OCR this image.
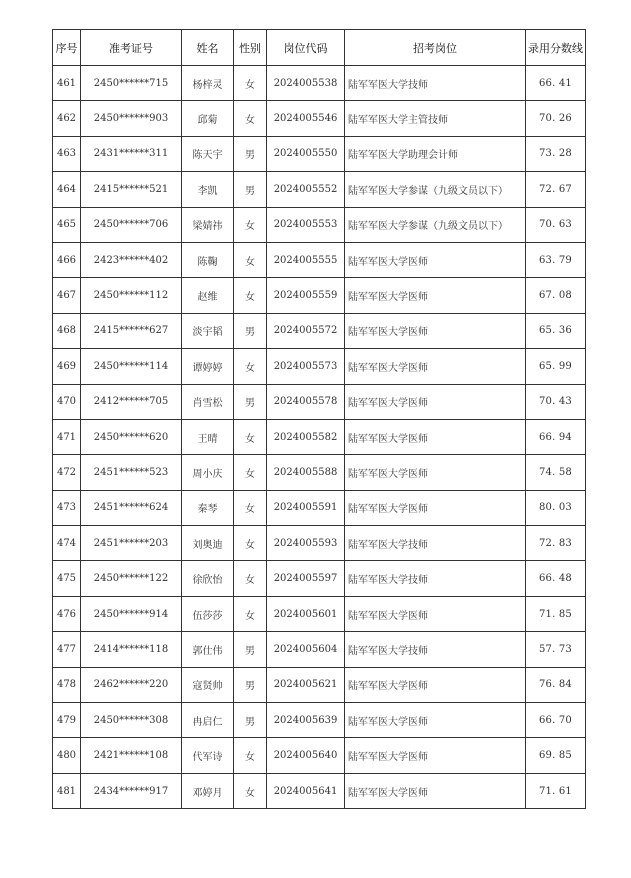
序号	准考证号	姓名	性别	岗位代码	招考岗位	录用分数线
461	2450******715	杨梓灵	女	2024005538	陆军军医大学技师	66. 41
462	2450******903	邱菊	女	2024005546	陆军军医大学主管技师	70. 26
463	2431******311	陈天宇	男	2024005550	陆军军医大学助理会计师	73. 28
464	2415******521	李凯	男	2024005552	陆军军医大学参谋（九级文员以下）	72. 67
465	2450******706	梁婧祎	女	2024005553	陆军军医大学参谋（九级文员以下）	70. 63
466	2423******402	陈鞠	女	2024005555	陆军军医大学医师	63. 79
467	2450******112	赵维	女	2024005559	陆军军医大学医师	67. 08
468	2415******627	淡宇韬	男	2024005572	陆军军医大学医师	65. 36
469	2450******114	谭婷婷	女	2024005573	陆军军医大学医师	65. 99
470	2412******705	肖雪松	男	2024005578	陆军军医大学医师	70. 43
471	2450******620	王晴	女	2024005582	陆军军医大学医师	66. 94
472	2451******523	周小庆	女	2024005588	陆军军医大学医师	74. 58
473	2451******624	秦琴	女	2024005591	陆军军医大学医师	80. 03
474	2451******203	刘奥迪	女	2024005593	陆军军医大学技师	72. 83
475	2450******122	徐欣怡	女	2024005597	陆军军医大学技师	66. 48
476	2450******914	伍莎莎	女	2024005601	陆军军医大学医师	71. 85
477	2414******118	郭仕伟	男	2024005604	陆军军医大学技师	57. 73
478	2462******220	寇贤帅	男	2024005621	陆军军医大学医师	76. 84
479	2450******308	冉启仁	男	2024005639	陆军军医大学医师	66. 70
480	2421******108	代军诗	女	2024005640	陆军军医大学医师	69. 85
481	2434******917	邓婷月	女	2024005641	陆军军医大学医师	71. 61
